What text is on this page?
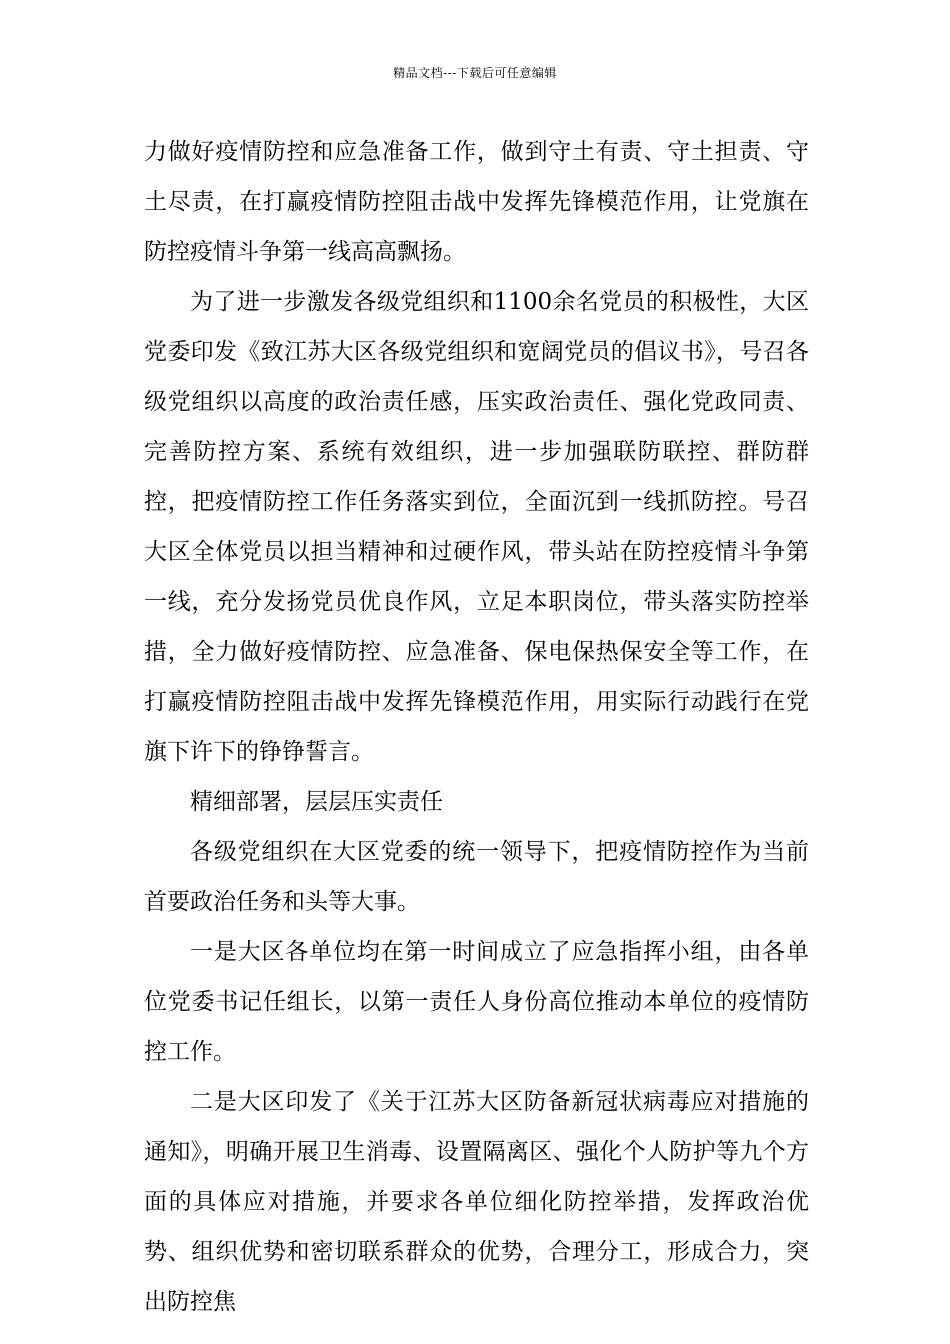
精品文档---下载后可任意编辑

力做好疫情防控和应急准备工作，做到守土有责、守土担责、守土尽责，在打赢疫情防控阻击战中发挥先锋模范作用，让党旗在防控疫情斗争第一线高高飘扬。

为了进一步激发各级党组织和1100余名党员的积极性，大区党委印发《致江苏大区各级党组织和宽阔党员的倡议书》，号召各级党组织以高度的政治责任感，压实政治责任、强化党政同责、完善防控方案、系统有效组织，进一步加强联防联控、群防群控，把疫情防控工作任务落实到位，全面沉到一线抓防控。号召大区全体党员以担当精神和过硬作风，带头站在防控疫情斗争第一线，充分发扬党员优良作风，立足本职岗位，带头落实防控举措，全力做好疫情防控、应急准备、保电保热保安全等工作，在打赢疫情防控阻击战中发挥先锋模范作用，用实际行动践行在党旗下许下的铮铮誓言。

精细部署，层层压实责任

各级党组织在大区党委的统一领导下，把疫情防控作为当前首要政治任务和头等大事。

一是大区各单位均在第一时间成立了应急指挥小组，由各单位党委书记任组长，以第一责任人身份高位推动本单位的疫情防控工作。

二是大区印发了《关于江苏大区防备新冠状病毒应对措施的通知》，明确开展卫生消毒、设置隔离区、强化个人防护等九个方面的具体应对措施，并要求各单位细化防控举措，发挥政治优势、组织优势和密切联系群众的优势，合理分工，形成合力，突出防控焦
